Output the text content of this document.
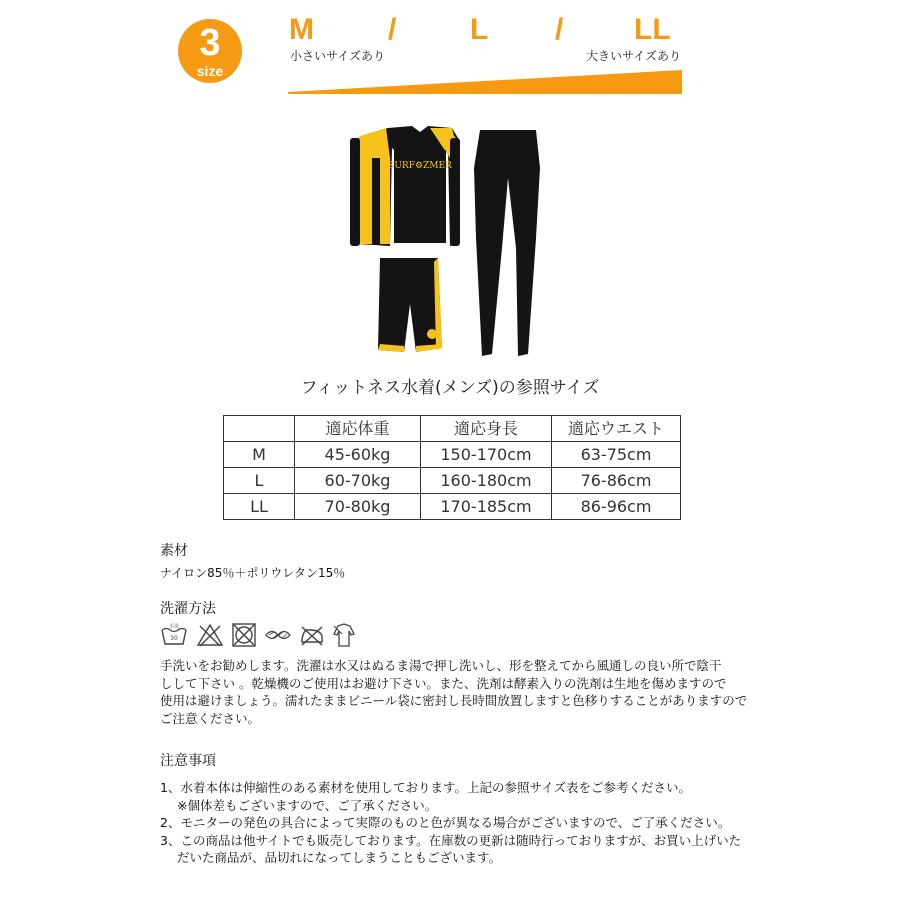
3
size
M / L / LL
小さいサイズあり	大きいサイズあり
SURF⚙ZMER
フィットネス水着(メンズ)の参照サイズ
	適応体重	適応身長	適応ウエスト
M	45-60kg	150-170cm	63-75cm
L	60-70kg	160-180cm	76-86cm
LL	70-80kg	170-185cm	86-96cm
素材
ナイロン85％＋ポリウレタン15％
洗濯方法
手洗
30
手洗いをお勧めします。洗濯は水又はぬるま湯で押し洗いし、形を整えてから風通しの良い所で陰干
しして下さい 。乾燥機のご使用はお避け下さい。また、洗剤は酵素入りの洗剤は生地を傷めますので
使用は避けましょう。濡れたままビニール袋に密封し長時間放置しますと色移りすることがありますので
ご注意ください。
注意事項
1、水着本体は伸縮性のある素材を使用しております。上記の参照サイズ表をご参考ください。
※個体差もございますので、ご了承ください。
2、モニターの発色の具合によって実際のものと色が異なる場合がございますので、ご了承ください。
3、この商品は他サイトでも販売しております。在庫数の更新は随時行っておりますが、お買い上げいた
だいた商品が、品切れになってしまうこともございます。
